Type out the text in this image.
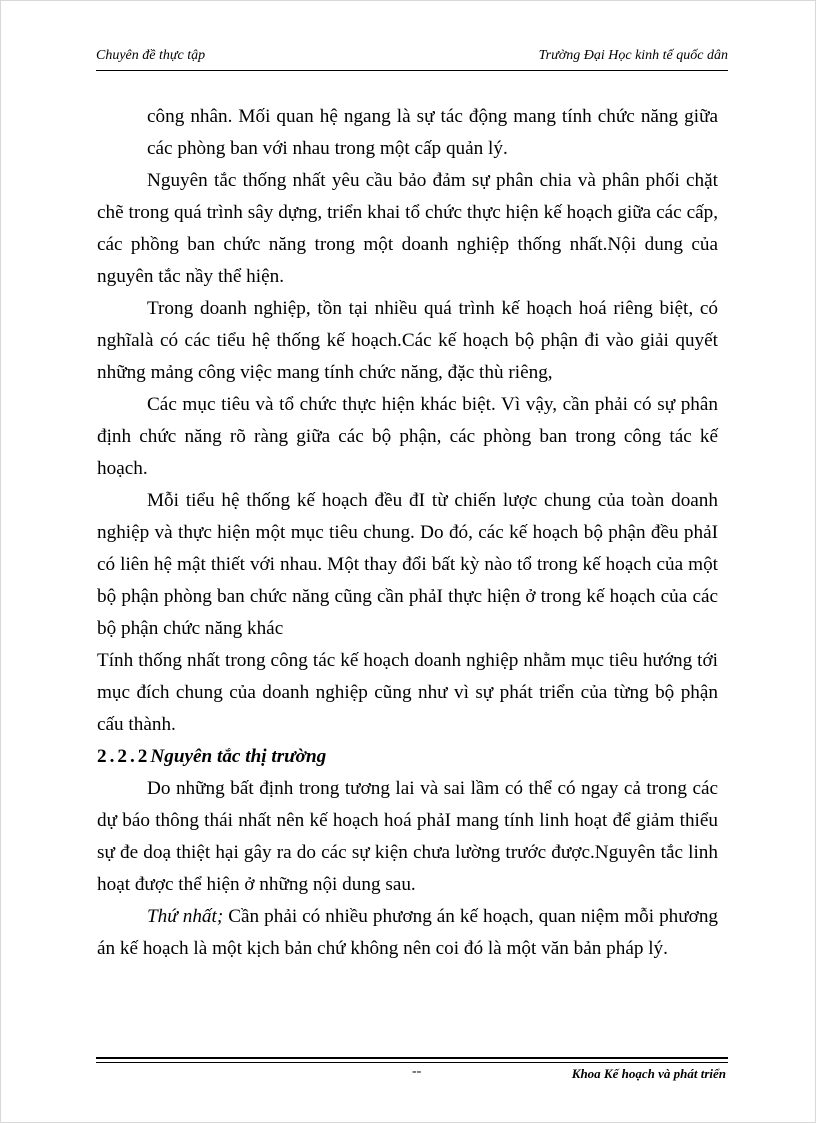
Chuyên đề thực tập	Trường Đại Học kinh tế quốc dân

công nhân. Mối quan hệ ngang là sự tác động mang tính chức năng giữa các phòng ban với nhau trong một cấp quản lý.

Nguyên tắc thống nhất yêu cầu bảo đảm sự phân chia và phân phối chặt chẽ trong quá trình sây dựng, triển khai tổ chức thực hiện kế hoạch giữa các cấp, các phồng ban chức năng trong một doanh nghiệp thống nhất.Nội dung của nguyên tắc nầy thể hiện.

Trong doanh nghiệp, tồn tại nhiều quá trình kế hoạch hoá riêng biệt, có nghĩalà có các tiểu hệ thống kế hoạch.Các kế hoạch bộ phận đi vào giải quyết những mảng công việc mang tính chức năng, đặc thù riêng,

Các mục tiêu và tổ chức thực hiện khác biệt. Vì vậy, cần phải có sự phân định chức năng rõ ràng giữa các bộ phận, các phòng ban trong công tác kế hoạch.

Mỗi tiểu hệ thống kế hoạch đều đI từ chiến lược chung của toàn doanh nghiệp và thực hiện một mục tiêu chung. Do đó, các kế hoạch bộ phận đều phảI có liên hệ mật thiết với nhau. Một thay đổi bất kỳ nào tổ trong kế hoạch của một bộ phận phòng ban chức năng cũng cần phảI thực hiện ở trong kế hoạch của các bộ phận chức năng khác

Tính thống nhất trong công tác kế hoạch doanh nghiệp nhằm mục tiêu hướng tới mục đích chung của doanh nghiệp cũng như vì sự phát triển của từng bộ phận cấu thành.

2.2.2Nguyên tắc thị trường

Do những bất định trong tương lai và sai lầm có thể có ngay cả trong các dự báo thông thái nhất nên kế hoạch hoá phảI mang tính linh hoạt để giảm thiểu sự đe doạ thiệt hại gây ra do các sự kiện chưa lường trước được.Nguyên tắc linh hoạt được thể hiện ở những nội dung sau.

Thứ nhất; Cần phải có nhiều phương án kế hoạch, quan niệm mỗi phương án kế hoạch là một kịch bản chứ không nên coi đó là một văn bản pháp lý.

--	Khoa Kế hoạch và phát triển
